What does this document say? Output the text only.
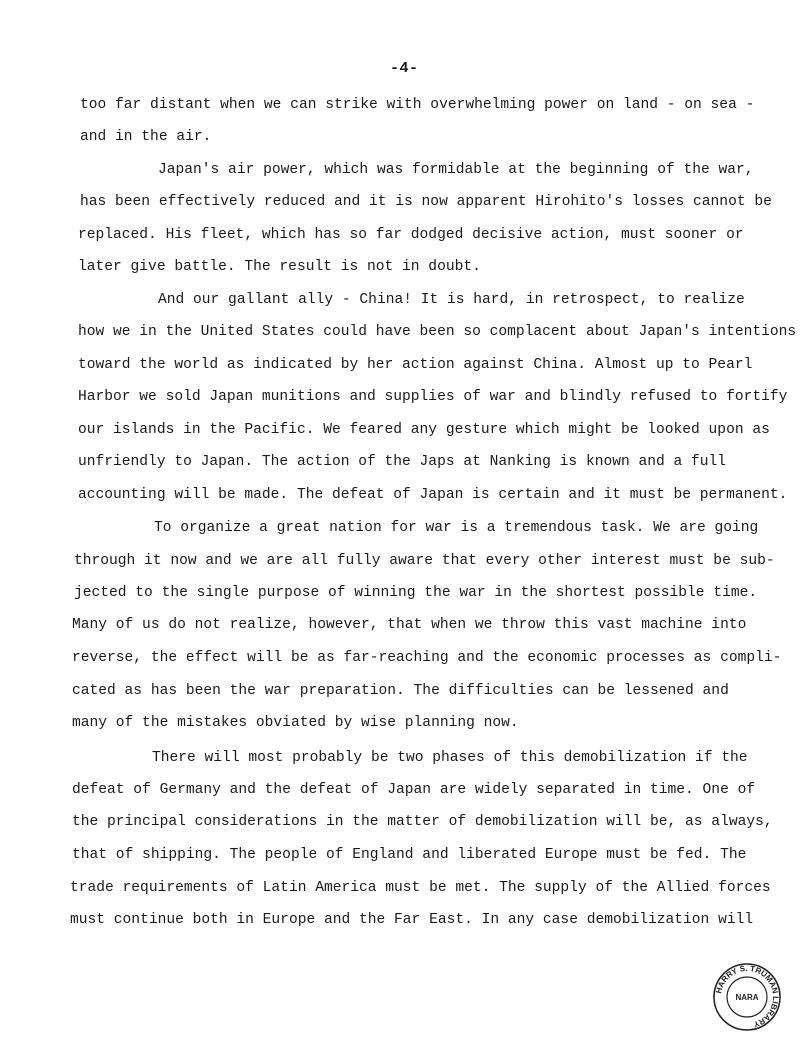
-4-
too far distant when we can strike with overwhelming power on land - on sea -
and in the air.
Japan's air power, which was formidable at the beginning of the war,
has been effectively reduced and it is now apparent Hirohito's losses cannot be
replaced. His fleet, which has so far dodged decisive action, must sooner or
later give battle. The result is not in doubt.
And our gallant ally - China! It is hard, in retrospect, to realize
how we in the United States could have been so complacent about Japan's intentions
toward the world as indicated by her action against China. Almost up to Pearl
Harbor we sold Japan munitions and supplies of war and blindly refused to fortify
our islands in the Pacific. We feared any gesture which might be looked upon as
unfriendly to Japan. The action of the Japs at Nanking is known and a full
accounting will be made. The defeat of Japan is certain and it must be permanent.
To organize a great nation for war is a tremendous task. We are going
through it now and we are all fully aware that every other interest must be sub-
jected to the single purpose of winning the war in the shortest possible time.
Many of us do not realize, however, that when we throw this vast machine into
reverse, the effect will be as far-reaching and the economic processes as compli-
cated as has been the war preparation. The difficulties can be lessened and
many of the mistakes obviated by wise planning now.
There will most probably be two phases of this demobilization if the
defeat of Germany and the defeat of Japan are widely separated in time. One of
the principal considerations in the matter of demobilization will be, as always,
that of shipping. The people of England and liberated Europe must be fed. The
trade requirements of Latin America must be met. The supply of the Allied forces
must continue both in Europe and the Far East. In any case demobilization will
HARRY S. TRUMAN LIBRARY
NARA
